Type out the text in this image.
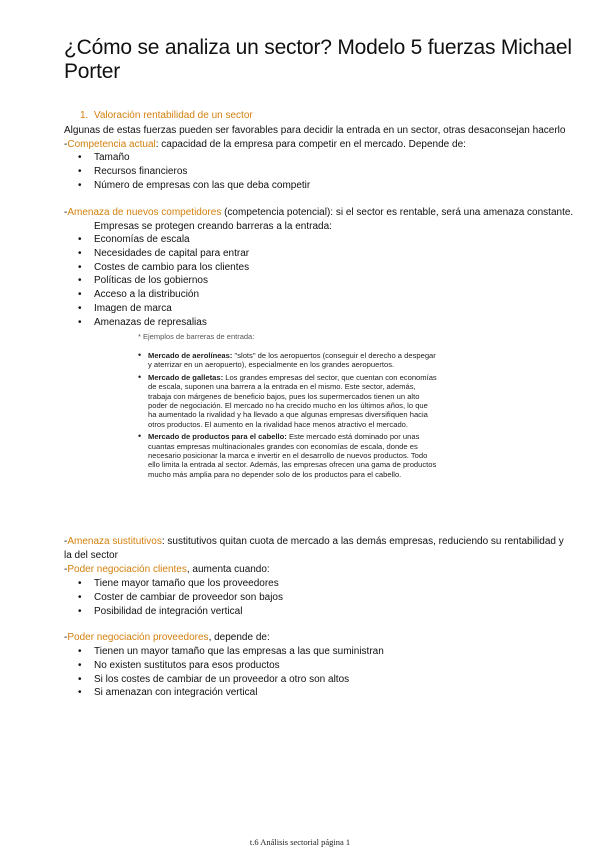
¿Cómo se analiza un sector? Modelo 5 fuerzas Michael Porter
1. Valoración rentabilidad de un sector
Algunas de estas fuerzas pueden ser favorables para decidir la entrada en un sector, otras desaconsejan hacerlo
-Competencia actual: capacidad de la empresa para competir en el mercado. Depende de:
• Tamaño
• Recursos financieros
• Número de empresas con las que deba competir
-Amenaza de nuevos competidores (competencia potencial): si el sector es rentable, será una amenaza constante.
Empresas se protegen creando barreras a la entrada:
• Economías de escala
• Necesidades de capital para entrar
• Costes de cambio para los clientes
• Políticas de los gobiernos
• Acceso a la distribución
• Imagen de marca
• Amenazas de represalias

* Ejemplos de barreras de entrada:

• Mercado de aerolíneas: "slots" de los aeropuertos (conseguir el derecho a despegar y aterrizar en un aeropuerto), especialmente en los grandes aeropuertos.
• Mercado de galletas: Los grandes empresas del sector, que cuentan con economías de escala, suponen una barrera a la entrada en el mismo. Este sector, además, trabaja con márgenes de beneficio bajos, pues los supermercados tienen un alto poder de negociación. El mercado no ha crecido mucho en los últimos años, lo que ha aumentado la rivalidad y ha llevado a que algunas empresas diversifiquen hacia otros productos. El aumento en la rivalidad hace menos atractivo el mercado.
• Mercado de productos para el cabello: Este mercado está dominado por unas cuantas empresas multinacionales grandes con economías de escala, donde es necesario posicionar la marca e invertir en el desarrollo de nuevos productos. Todo ello limita la entrada al sector. Además, las empresas ofrecen una gama de productos mucho más amplia para no depender solo de los productos para el cabello.
-Amenaza sustitutivos: sustitutivos quitan cuota de mercado a las demás empresas, reduciendo su rentabilidad y
la del sector
-Poder negociación clientes, aumenta cuando:
• Tiene mayor tamaño que los proveedores
• Coster de cambiar de proveedor son bajos
• Posibilidad de integración vertical
-Poder negociación proveedores, depende de:
• Tienen un mayor tamaño que las empresas a las que suministran
• No existen sustitutos para esos productos
• Si los costes de cambiar de un proveedor a otro son altos
• Si amenazan con integración vertical
t.6 Análisis sectorial página 1
